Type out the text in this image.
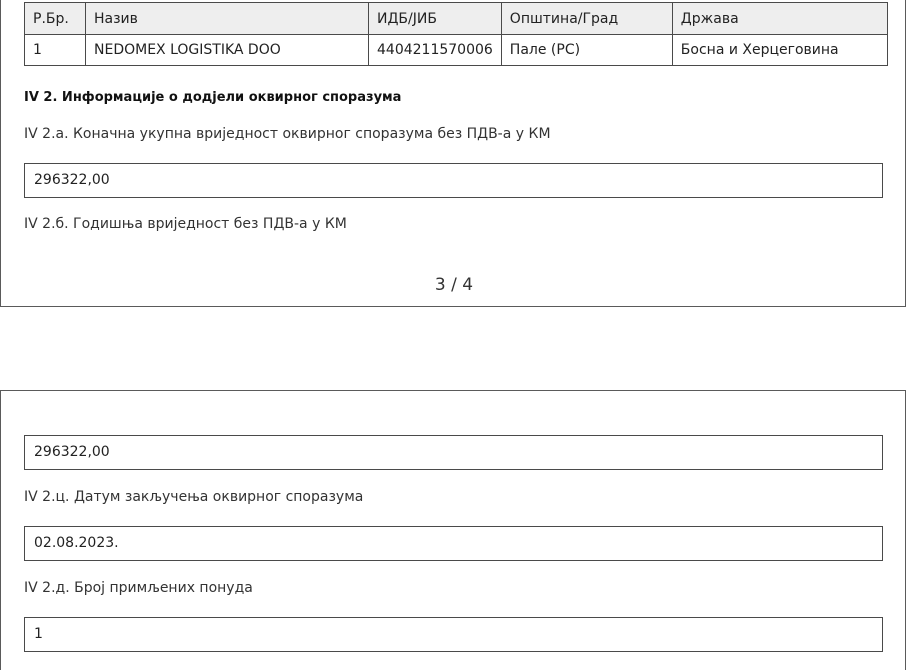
Р.Бр.	Назив	ИДБ/ЈИБ	Општина/Град	Држава
1	NEDOMEX LOGISTIKA DOO	4404211570006	Пале (РС)	Босна и Херцеговина
IV 2. Информације о додјели оквирног споразума
IV 2.а. Коначна укупна вриједност оквирног споразума без ПДВ-а у КМ
296322,00
IV 2.б. Годишња вриједност без ПДВ-а у КМ
3 / 4
296322,00
IV 2.ц. Датум закључења оквирног споразума
02.08.2023.
IV 2.д. Број примљених понуда
1
